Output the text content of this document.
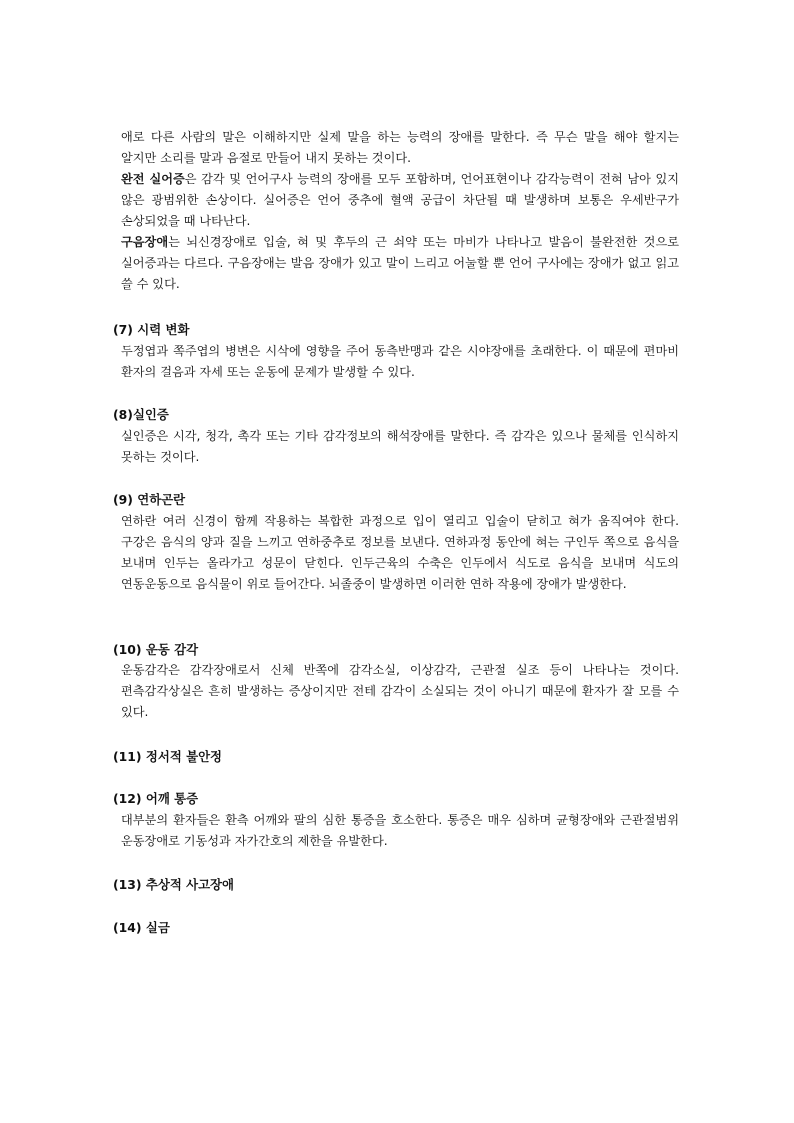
애로 다른 사람의 말은 이해하지만 실제 말을 하는 능력의 장애를 말한다. 즉 무슨 말을 해야 할지는 알지만 소리를 말과 음절로 만들어 내지 못하는 것이다.

완전 실어증은 감각 및 언어구사 능력의 장애를 모두 포함하며, 언어표현이나 감각능력이 전혀 남아 있지 않은 광범위한 손상이다. 실어증은 언어 중추에 혈액 공급이 차단될 때 발생하며 보통은 우세반구가 손상되었을 때 나타난다.

구음장애는 뇌신경장애로 입술, 혀 및 후두의 근 쇠약 또는 마비가 나타나고 발음이 불완전한 것으로 실어증과는 다르다. 구음장애는 발음 장애가 있고 말이 느리고 어눌할 뿐 언어 구사에는 장애가 없고 읽고 쓸 수 있다.

(7) 시력 변화
두정엽과 쪽주엽의 병변은 시삭에 영향을 주어 동측반맹과 같은 시야장애를 초래한다. 이 때문에 편마비 환자의 걸음과 자세 또는 운동에 문제가 발생할 수 있다.
(8)실인증
실인증은 시각, 청각, 촉각 또는 기타 감각정보의 해석장애를 말한다. 즉 감각은 있으나 물체를 인식하지 못하는 것이다.
(9) 연하곤란
연하란 여러 신경이 함께 작용하는 복합한 과정으로 입이 열리고 입술이 닫히고 혀가 움직여야 한다. 구강은 음식의 양과 질을 느끼고 연하중추로 정보를 보낸다. 연하과정 동안에 혀는 구인두 쪽으로 음식을 보내며 인두는 올라가고 성문이 닫힌다. 인두근육의 수축은 인두에서 식도로 음식을 보내며 식도의 연동운동으로 음식물이 위로 들어간다. 뇌졸중이 발생하면 이러한 연하 작용에 장애가 발생한다.
(10) 운동 감각
운동감각은 감각장애로서 신체 반쪽에 감각소실, 이상감각, 근관절 실조 등이 나타나는 것이다. 편측감각상실은 흔히 발생하는 증상이지만 전테 감각이 소실되는 것이 아니기 때문에 환자가 잘 모를 수 있다.
(11) 정서적 불안정
(12) 어깨 통증
대부분의 환자들은 환측 어깨와 팔의 심한 통증을 호소한다. 통증은 매우 심하며 균형장애와 근관절범위 운동장애로 기동성과 자가간호의 제한을 유발한다.
(13) 추상적 사고장애
(14) 실금
